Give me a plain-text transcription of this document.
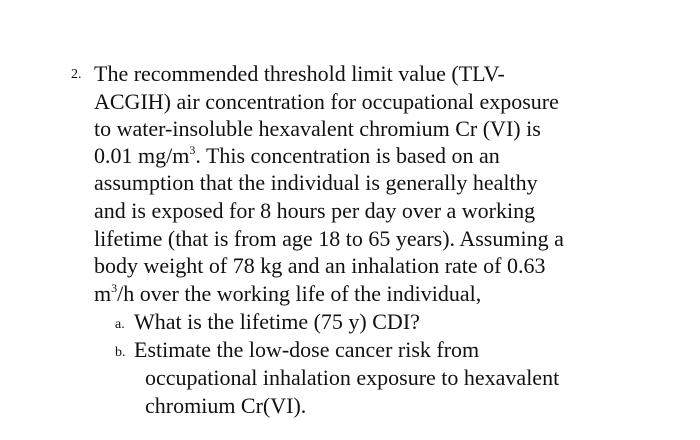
2. The recommended threshold limit value (TLV-
ACGIH) air concentration for occupational exposure
to water-insoluble hexavalent chromium Cr (VI) is
0.01 $mg/m^3$. This concentration is based on an
assumption that the individual is generally healthy
and is exposed for 8 hours per day over a working
lifetime (that is from age 18 to 65 years). Assuming a
body weight of 78 kg and an inhalation rate of 0.63
$m^3/h$ over the working life of the individual,
a. What is the lifetime (75 y) CDI?
b. Estimate the low-dose cancer risk from
occupational inhalation exposure to hexavalent
chromium Cr(VI).
